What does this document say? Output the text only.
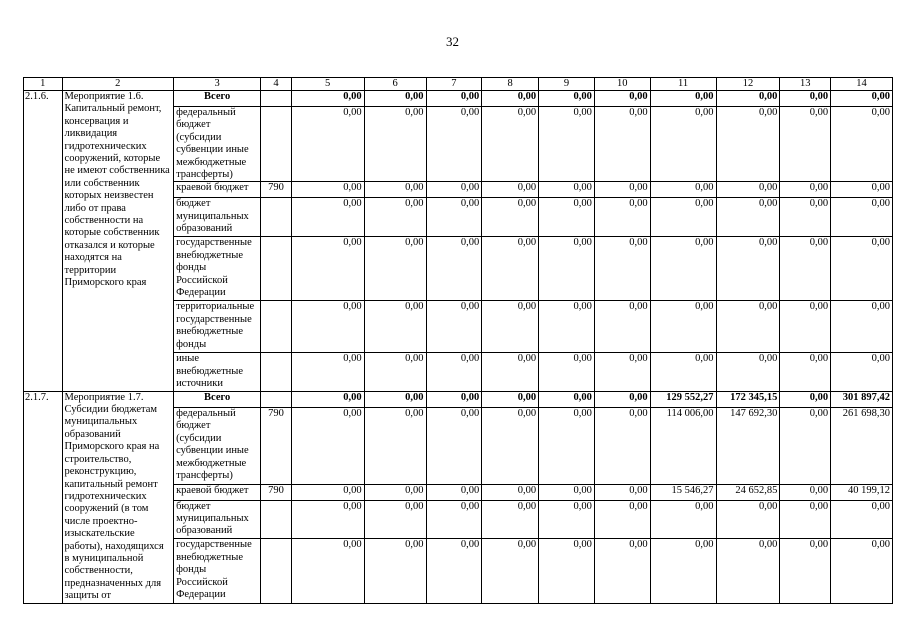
32
1	2	3	4	5	6	7	8	9	10	11	12	13	14
2.1.6.	Мероприятие 1.6. Капитальный ремонт, консервация и ликвидация гидротехнических сооружений, которые не имеют собственника или собственник которых неизвестен либо от права собственности на которые собственник отказался и которые находятся на территории Приморского края	Всего		0,00	0,00	0,00	0,00	0,00	0,00	0,00	0,00	0,00	0,00
		федеральный бюджет (субсидии субвенции иные межбюджетные трансферты)		0,00	0,00	0,00	0,00	0,00	0,00	0,00	0,00	0,00	0,00
		краевой бюджет	790	0,00	0,00	0,00	0,00	0,00	0,00	0,00	0,00	0,00	0,00
		бюджет муниципальных образований		0,00	0,00	0,00	0,00	0,00	0,00	0,00	0,00	0,00	0,00
		государственные внебюджетные фонды Российской Федерации		0,00	0,00	0,00	0,00	0,00	0,00	0,00	0,00	0,00	0,00
		территориальные государственные внебюджетные фонды		0,00	0,00	0,00	0,00	0,00	0,00	0,00	0,00	0,00	0,00
		иные внебюджетные источники		0,00	0,00	0,00	0,00	0,00	0,00	0,00	0,00	0,00	0,00
2.1.7.	Мероприятие 1.7. Субсидии бюджетам муниципальных образований Приморского края на строительство, реконструкцию, капитальный ремонт гидротехнических сооружений (в том числе проектно-изыскательские работы), находящихся в муниципальной собственности, предназначенных для защиты от	Всего		0,00	0,00	0,00	0,00	0,00	0,00	129 552,27	172 345,15	0,00	301 897,42
		федеральный бюджет (субсидии субвенции иные межбюджетные трансферты)	790	0,00	0,00	0,00	0,00	0,00	0,00	114 006,00	147 692,30	0,00	261 698,30
		краевой бюджет	790	0,00	0,00	0,00	0,00	0,00	0,00	15 546,27	24 652,85	0,00	40 199,12
		бюджет муниципальных образований		0,00	0,00	0,00	0,00	0,00	0,00	0,00	0,00	0,00	0,00
		государственные внебюджетные фонды Российской Федерации		0,00	0,00	0,00	0,00	0,00	0,00	0,00	0,00	0,00	0,00
